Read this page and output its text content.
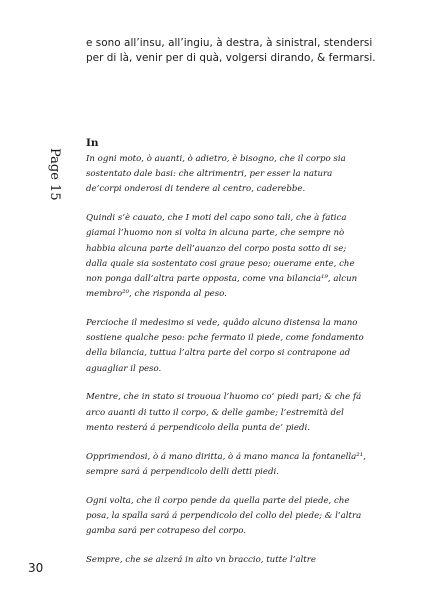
e sono all’insu, all’ingiu, à destra, à sinistral, stendersi per di là, venir per di quà, volgersi dirando, & fermarsi.
Page 15
In

In ogni moto, ò auanti, ò adietro, è bisogno, che il corpo sia sostentato dale basi: che altrimentri, per esser la natura de’corpi onderosi di tendere al centro, caderebbe.

Quindi s’è cauato, che I moti del capo sono tali, che à fatica giamai l’huomo non si volta in alcuna parte, che sempre nò habbia alcuna parte dell’auanzo del corpo posta sotto di se; dalla quale sia sostentato cosi graue peso; ouerame ente, che non ponga dall’altra parte opposta, come vna bilancia¹⁹, alcun membro²⁰, che risponda al peso.

Percioche il medesimo si vede, quâdo alcuno distensa la mano sostiene qualche peso: pche fermato il piede, come fondamento della bilancia, tuttua l’altra parte del corpo si contrapone ad aguagliar il peso.

Mentre, che in stato si trououa l’huomo co’ piedi pari; & che fá arco auanti di tutto il corpo, & delle gambe; l’estremità del mento resterá á perpendicolo della punta de’ piedi.

Opprimendosi, ò á mano diritta, ò á mano manca la fontanella²¹, sempre sará á perpendicolo delli detti piedi.

Ogni volta, che il corpo pende da quella parte del piede, che posa, la spalla sará á perpendicolo del collo del piede; & l’altra gamba sará per cotrapeso del corpo.

Sempre, che se alzerá in alto vn braccio, tutte l’altre

30
